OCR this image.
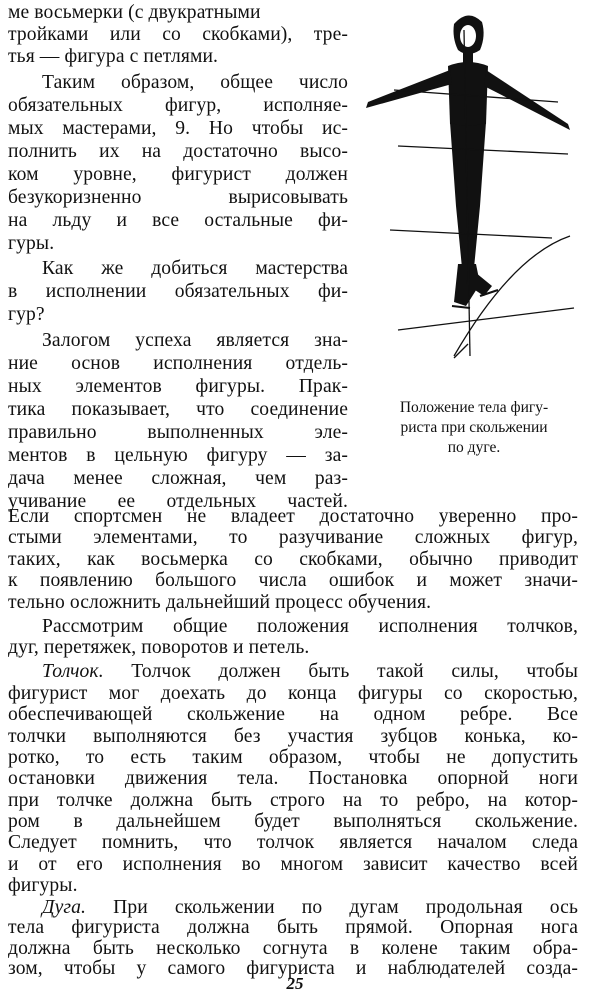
ме восьмерки (с двукратными
тройками или со скобками), тре-
тья — фигура с петлями.
Таким образом, общее число
обязательных фигур, исполняе-
мых мастерами, 9. Но чтобы ис-
полнить их на достаточно высо-
ком уровне, фигурист должен
безукоризненно вырисовывать
на льду и все остальные фи-
гуры.
Как же добиться мастерства
в исполнении обязательных фи-
гур?
Залогом успеха является зна-
ние основ исполнения отдель-
ных элементов фигуры. Прак-
тика показывает, что соединение
правильно выполненных эле-
ментов в цельную фигуру — за-
дача менее сложная, чем раз-
учивание ее отдельных частей.
Положение тела фигу-
риста при скольжении
по дуге.
Если спортсмен не владеет достаточно уверенно про-
стыми элементами, то разучивание сложных фигур,
таких, как восьмерка со скобками, обычно приводит
к появлению большого числа ошибок и может значи-
тельно осложнить дальнейший процесс обучения.
Рассмотрим общие положения исполнения толчков,
дуг, перетяжек, поворотов и петель.
Толчок. Толчок должен быть такой силы, чтобы
фигурист мог доехать до конца фигуры со скоростью,
обеспечивающей скольжение на одном ребре. Все
толчки выполняются без участия зубцов конька, ко-
ротко, то есть таким образом, чтобы не допустить
остановки движения тела. Постановка опорной ноги
при толчке должна быть строго на то ребро, на котор-
ром в дальнейшем будет выполняться скольжение.
Следует помнить, что толчок является началом следа
и от его исполнения во многом зависит качество всей
фигуры.
Дуга. При скольжении по дугам продольная ось
25
тела фигуриста должна быть прямой. Опорная нога
должна быть несколько согнута в колене таким обра-
зом, чтобы у самого фигуриста и наблюдателей созда-
